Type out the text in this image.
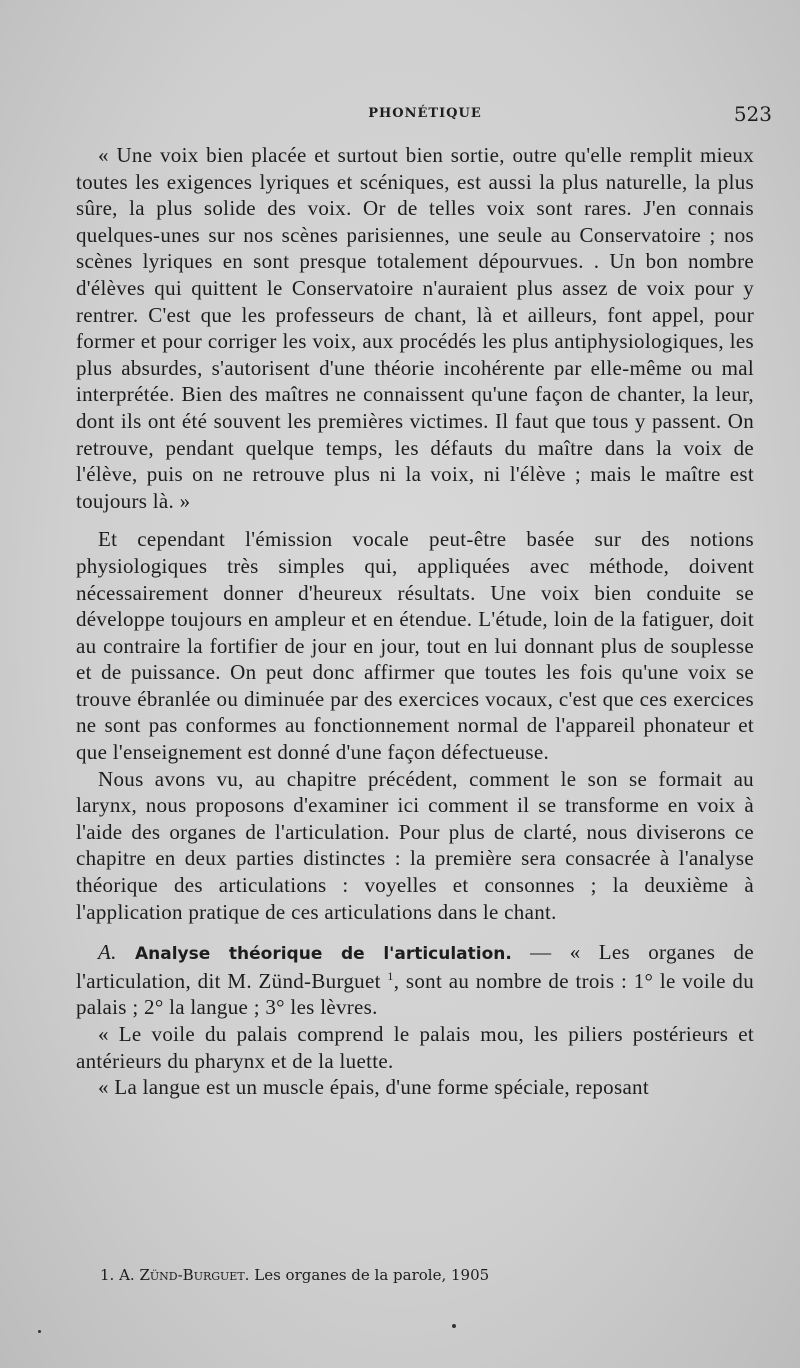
PHONÉTIQUE	523

« Une voix bien placée et surtout bien sortie, outre qu'elle remplit mieux toutes les exigences lyriques et scéniques, est aussi la plus naturelle, la plus sûre, la plus solide des voix. Or de telles voix sont rares. J'en connais quelques-unes sur nos scènes parisiennes, une seule au Conservatoire ; nos scènes lyriques en sont presque totalement dépourvues. . Un bon nombre d'élèves qui quittent le Conservatoire n'auraient plus assez de voix pour y rentrer. C'est que les professeurs de chant, là et ailleurs, font appel, pour former et pour corriger les voix, aux procédés les plus antiphysiologiques, les plus absurdes, s'autorisent d'une théorie incohérente par elle-même ou mal interprétée. Bien des maîtres ne connaissent qu'une façon de chanter, la leur, dont ils ont été souvent les premières victimes. Il faut que tous y passent. On retrouve, pendant quelque temps, les défauts du maître dans la voix de l'élève, puis on ne retrouve plus ni la voix, ni l'élève ; mais le maître est toujours là. »

Et cependant l'émission vocale peut-être basée sur des notions physiologiques très simples qui, appliquées avec méthode, doivent nécessairement donner d'heureux résultats. Une voix bien conduite se développe toujours en ampleur et en étendue. L'étude, loin de la fatiguer, doit au contraire la fortifier de jour en jour, tout en lui donnant plus de souplesse et de puissance. On peut donc affirmer que toutes les fois qu'une voix se trouve ébranlée ou diminuée par des exercices vocaux, c'est que ces exercices ne sont pas conformes au fonctionnement normal de l'appareil phonateur et que l'enseignement est donné d'une façon défectueuse.

Nous avons vu, au chapitre précédent, comment le son se formait au larynx, nous proposons d'examiner ici comment il se transforme en voix à l'aide des organes de l'articulation. Pour plus de clarté, nous diviserons ce chapitre en deux parties distinctes : la première sera consacrée à l'analyse théorique des articulations : voyelles et consonnes ; la deuxième à l'application pratique de ces articulations dans le chant.

A. Analyse théorique de l'articulation. — « Les organes de l'articulation, dit M. Zünd-Burguet $^1$, sont au nombre de trois : 1° le voile du palais ; 2° la langue ; 3° les lèvres.

« Le voile du palais comprend le palais mou, les piliers postérieurs et antérieurs du pharynx et de la luette.

« La langue est un muscle épais, d'une forme spéciale, reposant

1. A. Zünd-Burguet. Les organes de la parole, 1905
